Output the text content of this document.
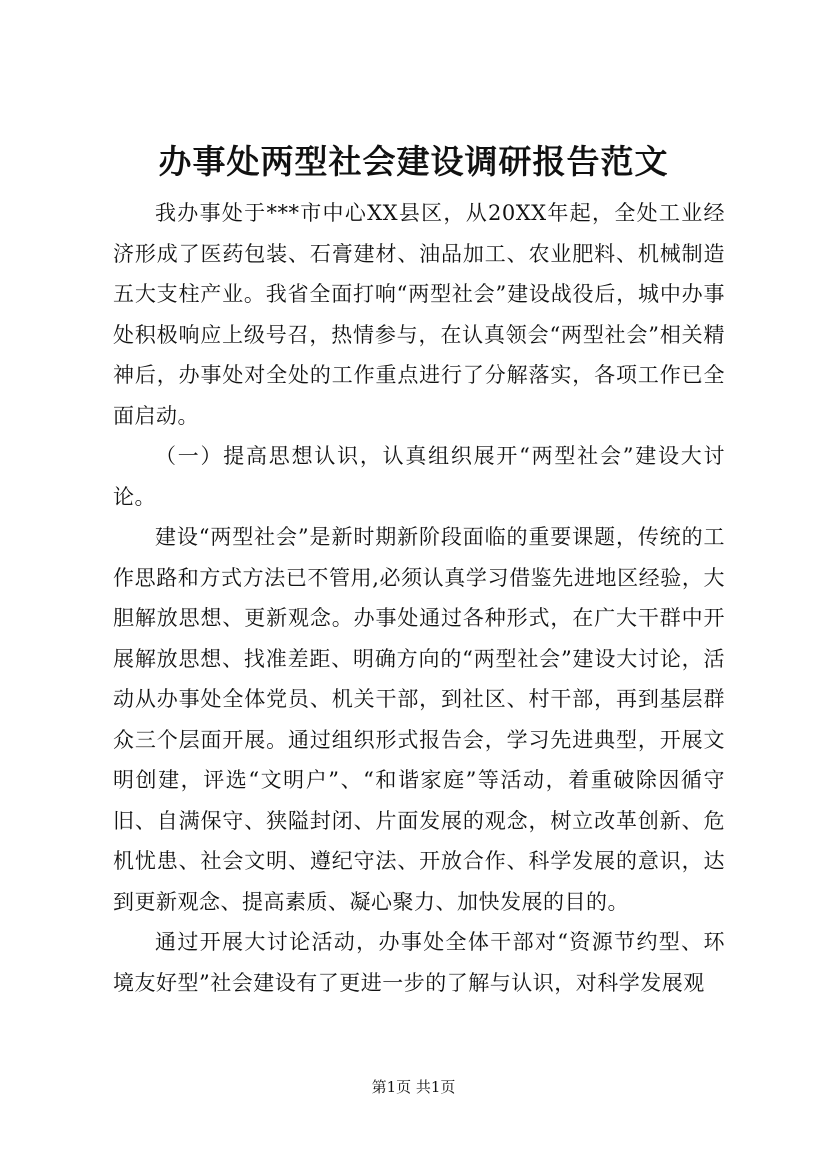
办事处两型社会建设调研报告范文

我办事处于***市中心XX县区，从20XX年起，全处工业经济形成了医药包装、石膏建材、油品加工、农业肥料、机械制造五大支柱产业。我省全面打响“两型社会”建设战役后，城中办事处积极响应上级号召，热情参与，在认真领会“两型社会”相关精神后，办事处对全处的工作重点进行了分解落实，各项工作已全面启动。

（一）提高思想认识，认真组织展开“两型社会”建设大讨论。

建设“两型社会”是新时期新阶段面临的重要课题，传统的工作思路和方式方法已不管用,必须认真学习借鉴先进地区经验，大胆解放思想、更新观念。办事处通过各种形式，在广大干群中开展解放思想、找准差距、明确方向的“两型社会”建设大讨论，活动从办事处全体党员、机关干部，到社区、村干部，再到基层群众三个层面开展。通过组织形式报告会，学习先进典型，开展文明创建，评选“文明户”、“和谐家庭”等活动，着重破除因循守旧、自满保守、狭隘封闭、片面发展的观念，树立改革创新、危机忧患、社会文明、遵纪守法、开放合作、科学发展的意识，达到更新观念、提高素质、凝心聚力、加快发展的目的。

通过开展大讨论活动，办事处全体干部对“资源节约型、环境友好型”社会建设有了更进一步的了解与认识，对科学发展观

第1页 共1页
